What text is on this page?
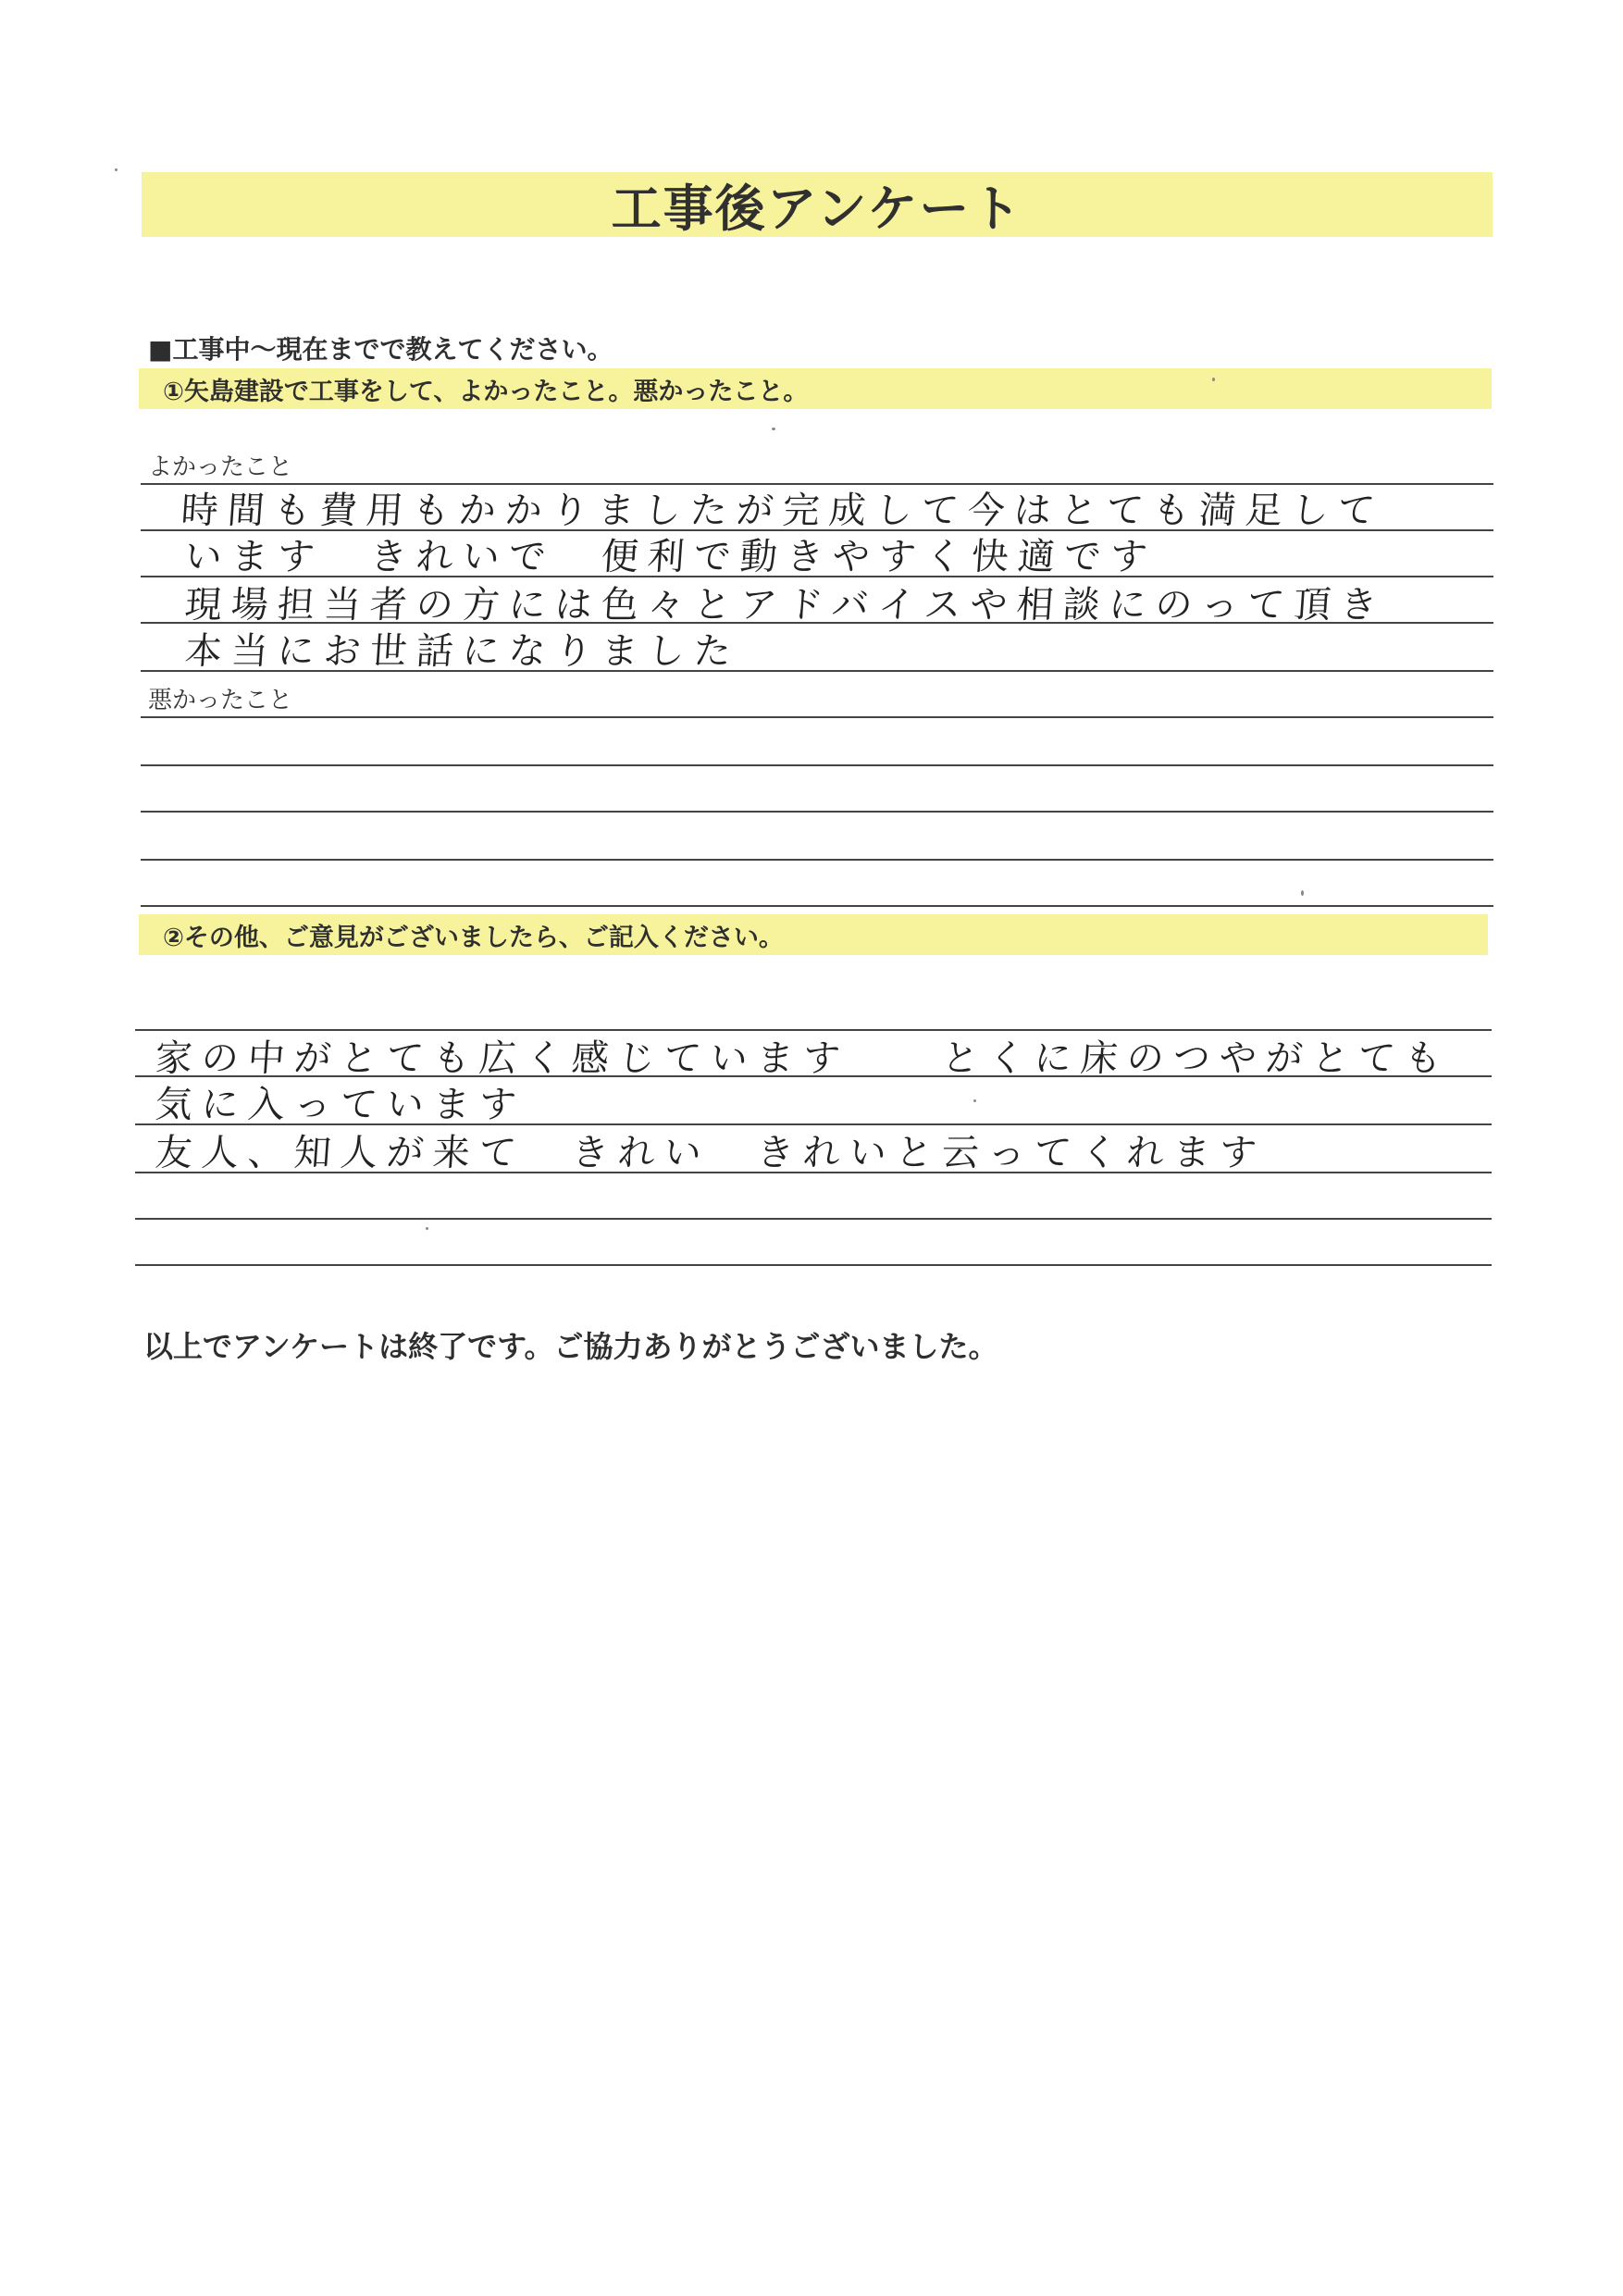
工事後アンケート
■工事中～現在までで教えてください。
①矢島建設で工事をして、よかったこと。悪かったこと。
よかったこと
時間も費用もかかりましたが完成して今はとても満足して
います　きれいで　便利で動きやすく快適です
現場担当者の方には色々とアドバイスや相談にのって頂き
本当にお世話になりました
悪かったこと
②その他、ご意見がございましたら、ご記入ください。
家の中がとても広く感じています　　とくに床のつやがとても
気に入っています
友人、知人が来て　きれい　きれいと云ってくれます
以上でアンケートは終了です。ご協力ありがとうございました。
